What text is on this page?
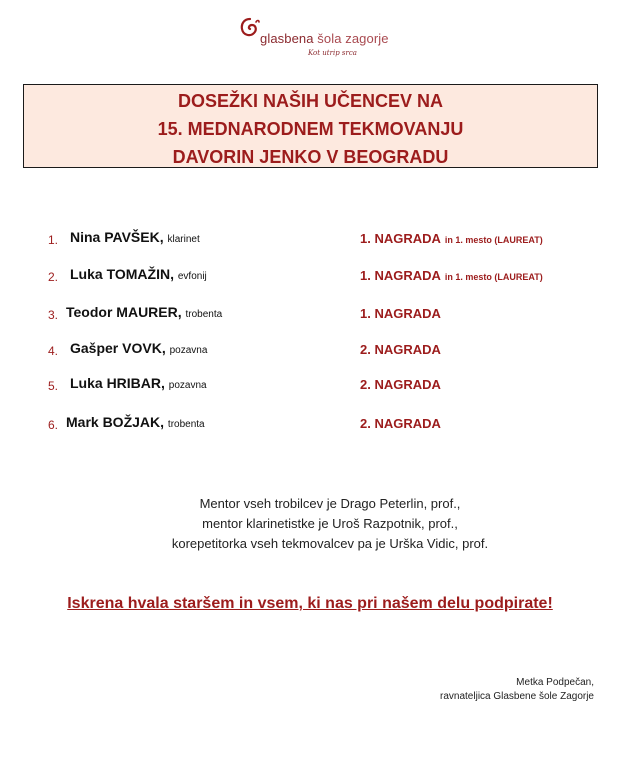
glasbena šola zagorje
Kot utrip srca
DOSEŽKI NAŠIH UČENCEV NA
15. MEDNARODNEM TEKMOVANJU
DAVORIN JENKO V BEOGRADU
1. Nina PAVŠEK, klarinet	1. NAGRADA in 1. mesto (LAUREAT)
2. Luka TOMAŽIN, evfonij	1. NAGRADA in 1. mesto (LAUREAT)
3. Teodor MAURER, trobenta	1. NAGRADA
4. Gašper VOVK, pozavna	2. NAGRADA
5. Luka HRIBAR, pozavna	2. NAGRADA
6. Mark BOŽJAK, trobenta	2. NAGRADA
Mentor vseh trobilcev je Drago Peterlin, prof.,
mentor klarinetistke je Uroš Razpotnik, prof.,
korepetitorka vseh tekmovalcev pa je Urška Vidic, prof.
Iskrena hvala staršem in vsem, ki nas pri našem delu podpirate!
Metka Podpečan,
ravnateljica Glasbene šole Zagorje
